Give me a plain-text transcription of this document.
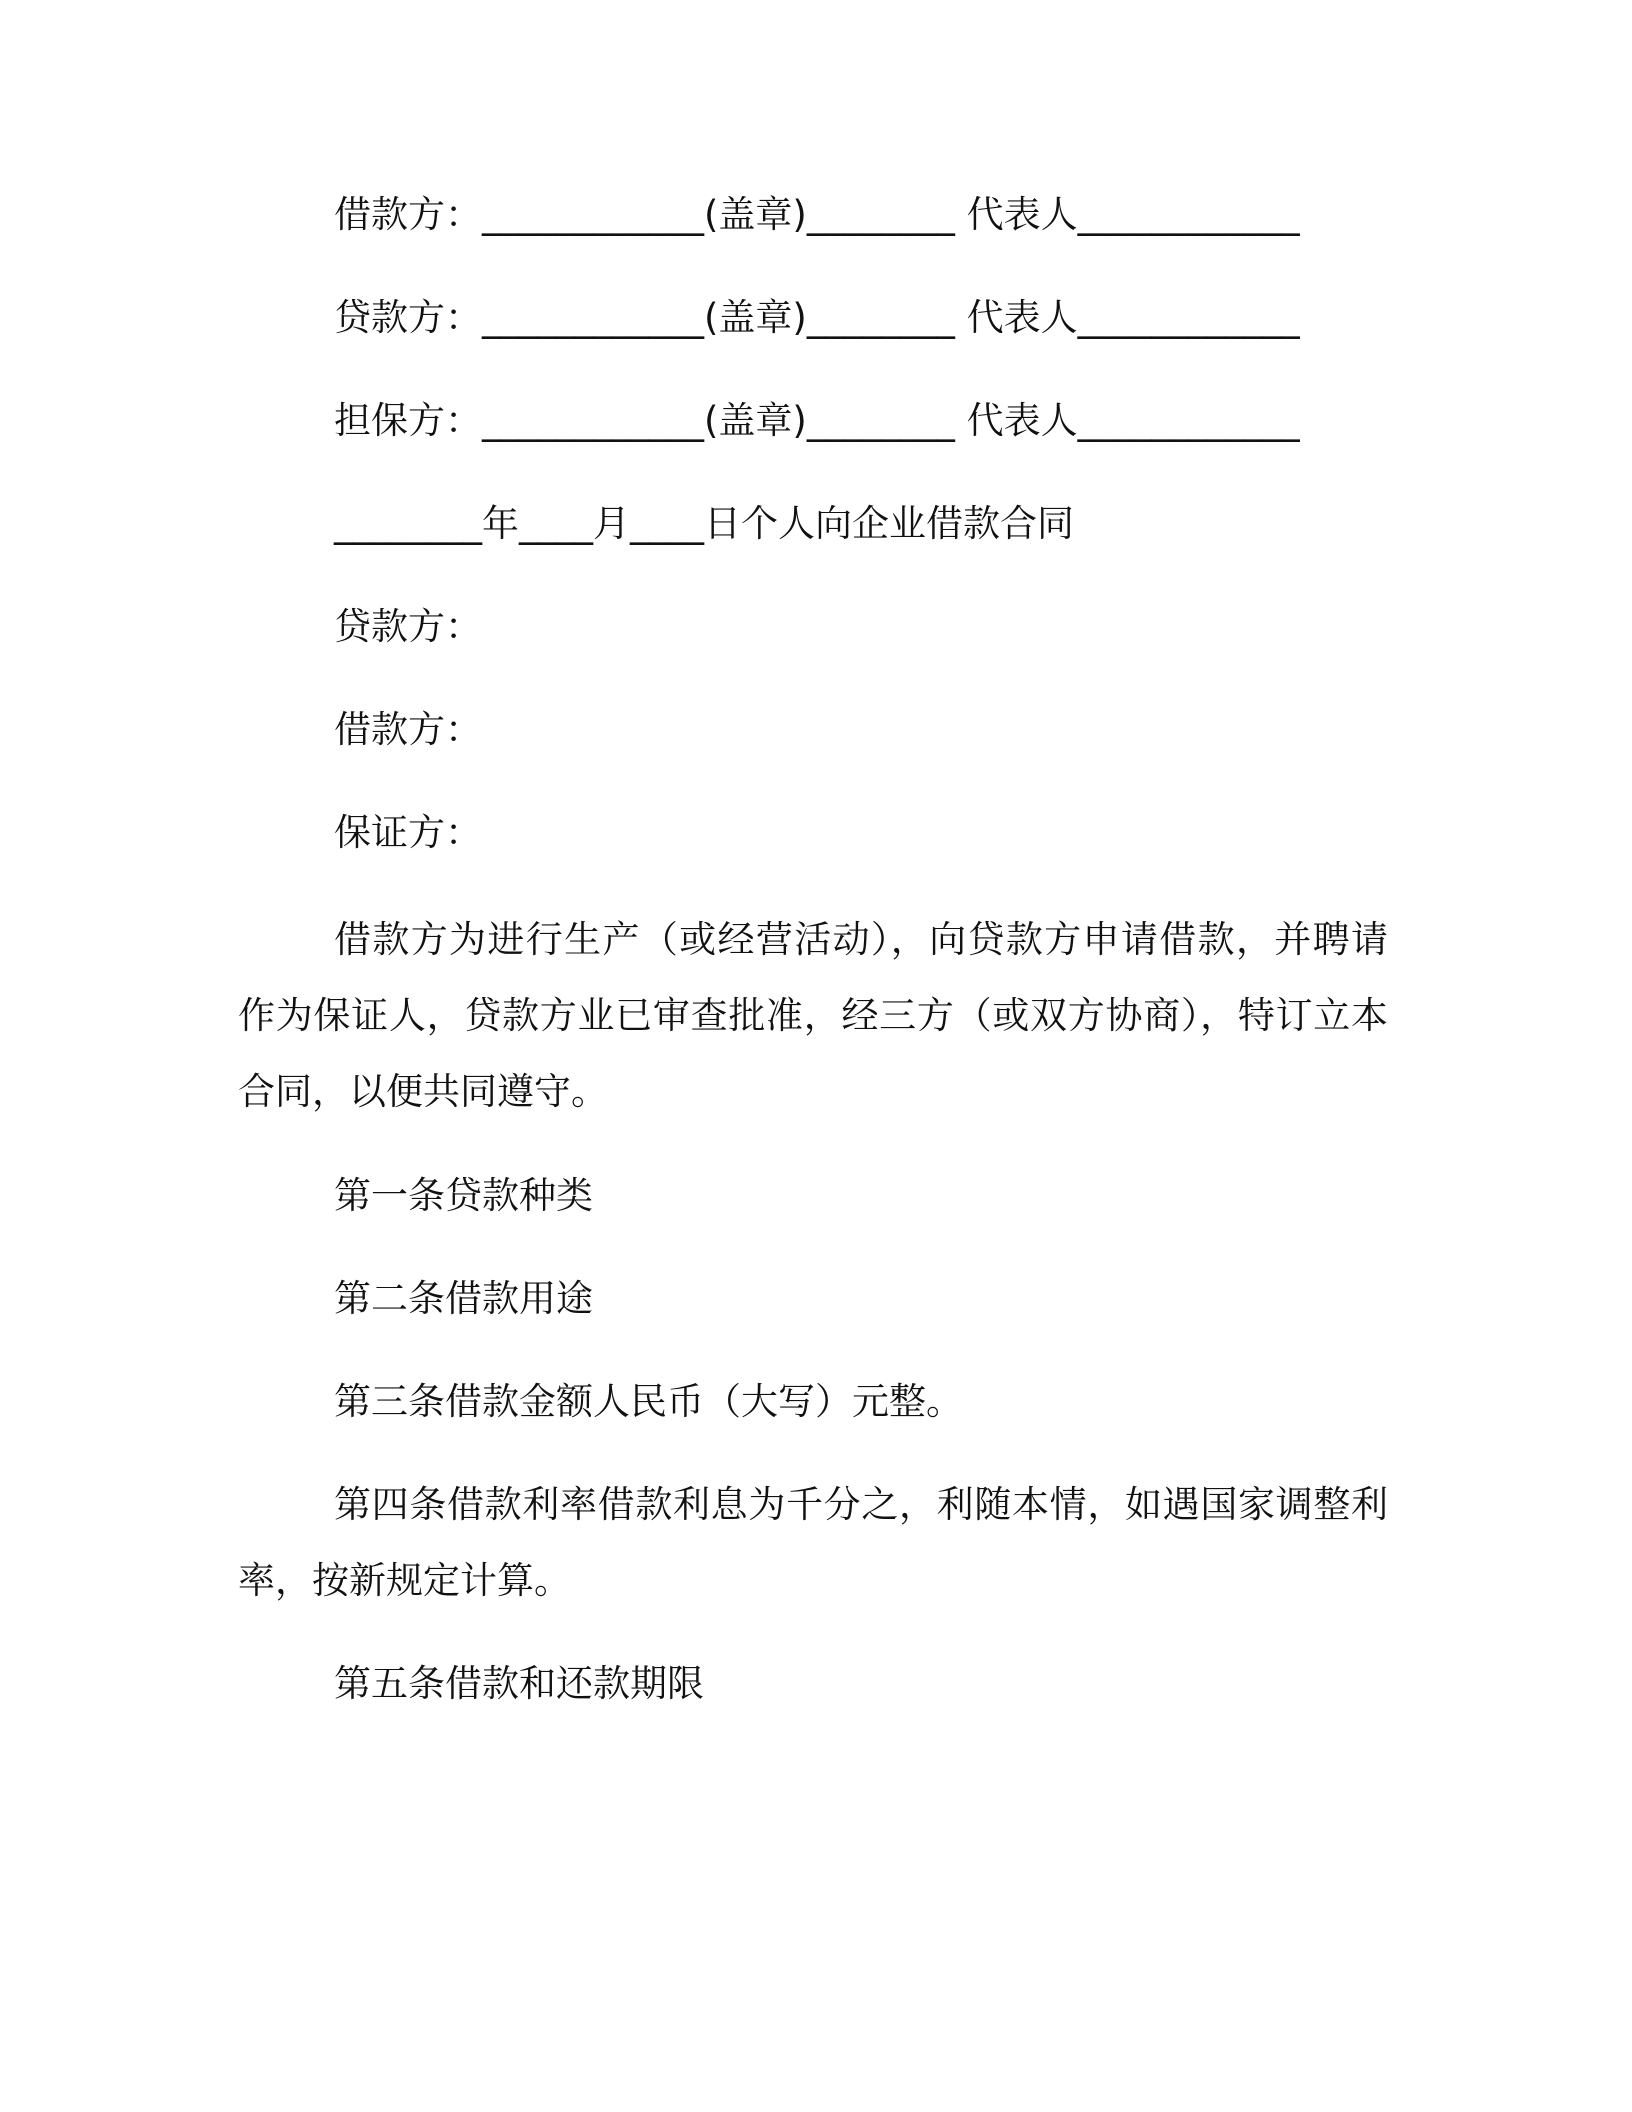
借款方：____________(盖章)________ 代表人____________
贷款方：____________(盖章)________ 代表人____________
担保方：____________(盖章)________ 代表人____________
________年____月____日个人向企业借款合同
贷款方：
借款方：
保证方：

借款方为进行生产（或经营活动），向贷款方申请借款，并聘请作为保证人，贷款方业已审查批准，经三方（或双方协商），特订立本合同，以便共同遵守。

第一条贷款种类
第二条借款用途
第三条借款金额人民币（大写）元整。

第四条借款利率借款利息为千分之，利随本情，如遇国家调整利率，按新规定计算。

第五条借款和还款期限
